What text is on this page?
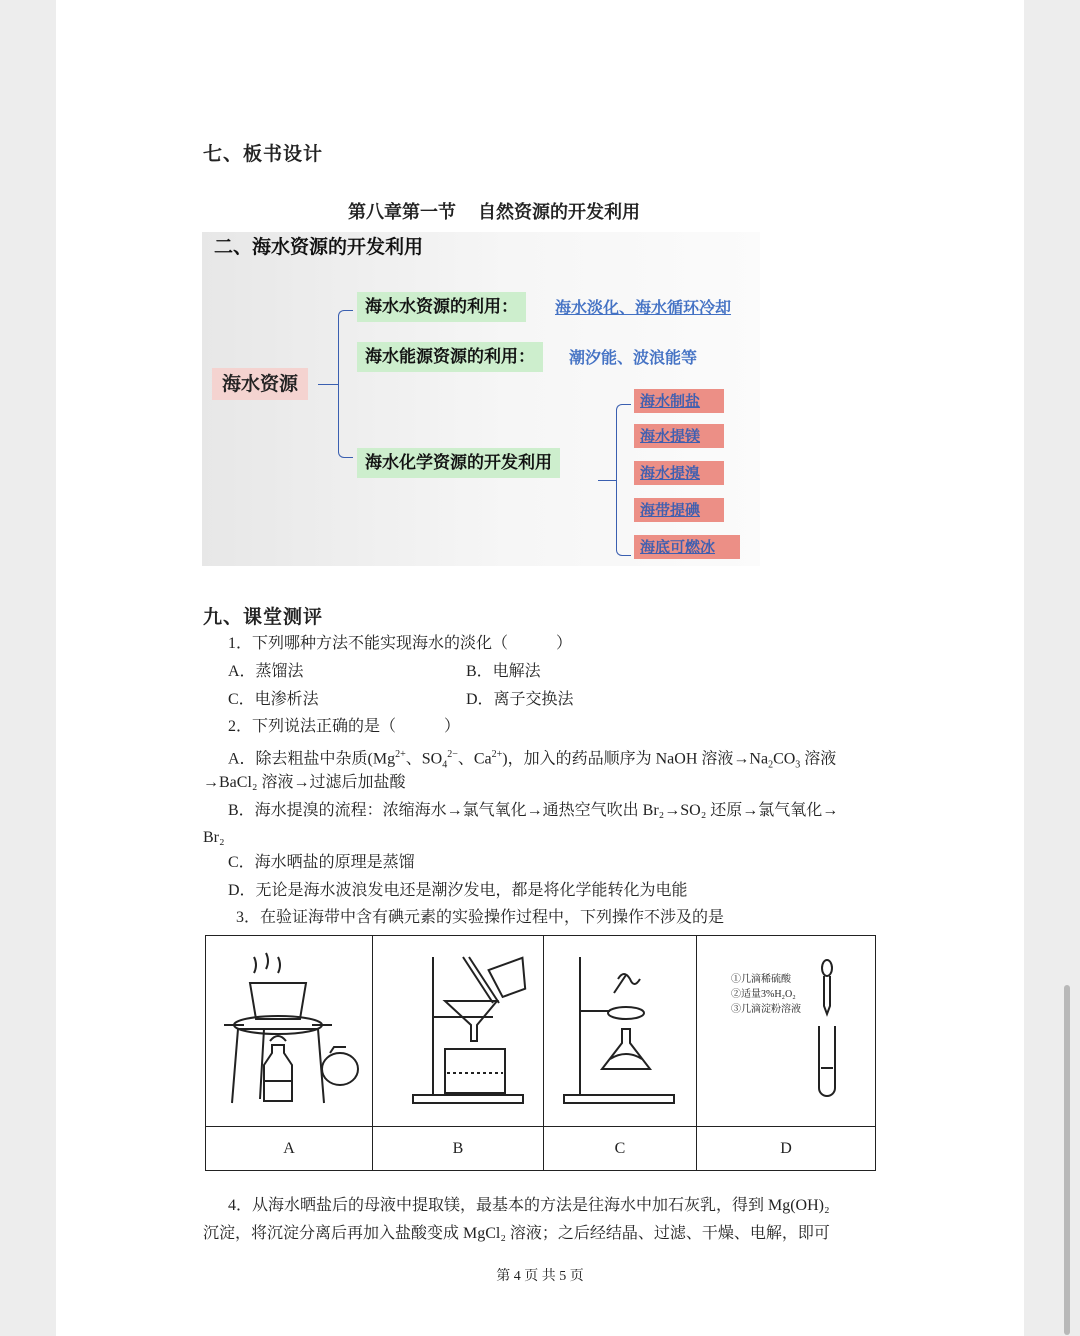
七、板书设计
第八章第一节 自然资源的开发利用
二、海水资源的开发利用
海水资源
海水水资源的利用：	海水淡化、海水循环冷却
海水能源资源的利用：	潮汐能、波浪能等
海水化学资源的开发利用
海水制盐
海水提镁
海水提溴
海带提碘
海底可燃冰
九、课堂测评
1．下列哪种方法不能实现海水的淡化（　　　）
A．蒸馏法	B．电解法
C．电渗析法	D．离子交换法
2．下列说法正确的是（　　　）
A．除去粗盐中杂质($Mg^{2+}$、$SO_4^{2-}$、$Ca^{2+}$)，加入的药品顺序为 NaOH 溶液$\to Na_2CO_3$ 溶液
→BaCl₂ 溶液→过滤后加盐酸
B．海水提溴的流程：浓缩海水→氯气氧化→通热空气吹出 Br₂→SO₂ 还原→氯气氧化→
Br₂
C．海水晒盐的原理是蒸馏
D．无论是海水波浪发电还是潮汐发电，都是将化学能转化为电能
3．在验证海带中含有碘元素的实验操作过程中，下列操作不涉及的是

①几滴稀硫酸
②适量3%H₂O₂
③几滴淀粉溶液

A	B	C	D
4．从海水晒盐后的母液中提取镁，最基本的方法是往海水中加石灰乳，得到 Mg(OH)₂
沉淀，将沉淀分离后再加入盐酸变成 MgCl₂ 溶液；之后经结晶、过滤、干燥、电解，即可
第 4 页 共 5 页
